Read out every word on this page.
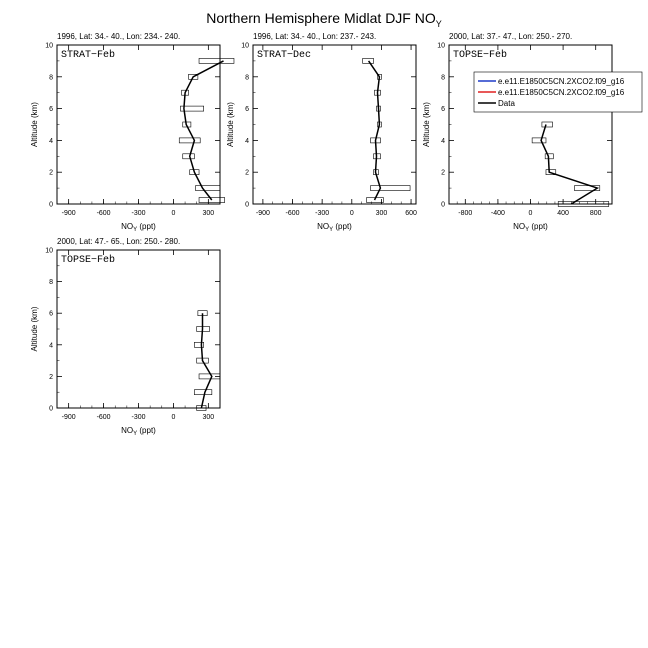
Northern Hemisphere Midlat DJF $NO_Y$
1996, Lat: 34.- 40., Lon: 234.- 240.
STRAT−Feb
-900	-600	-300	0	300
0
2
4
6
8
10
$NO_Y$ (ppt)
Altitude (km)
1996, Lat: 34.- 40., Lon: 237.- 243.
STRAT−Dec
-900 -600 -300	0	300	600
0
2
4
6
8
10
$NO_Y$ (ppt)
Altitude (km)
2000, Lat: 37.- 47., Lon: 250.- 270.
TOPSE−Feb
-800	-400	0	400	800
0
2
4
6
8
10
$NO_Y$ (ppt)
Altitude (km)
2000, Lat: 47.- 65., Lon: 250.- 280.
TOPSE−Feb
-900	-600	-300	0	300
0
2
4
6
8
10
$NO_Y$ (ppt)
Altitude (km)
e.e11.E1850C5CN.2XCO2.f09_g16
e.e11.E1850C5CN.2XCO2.f09_g16
Data
